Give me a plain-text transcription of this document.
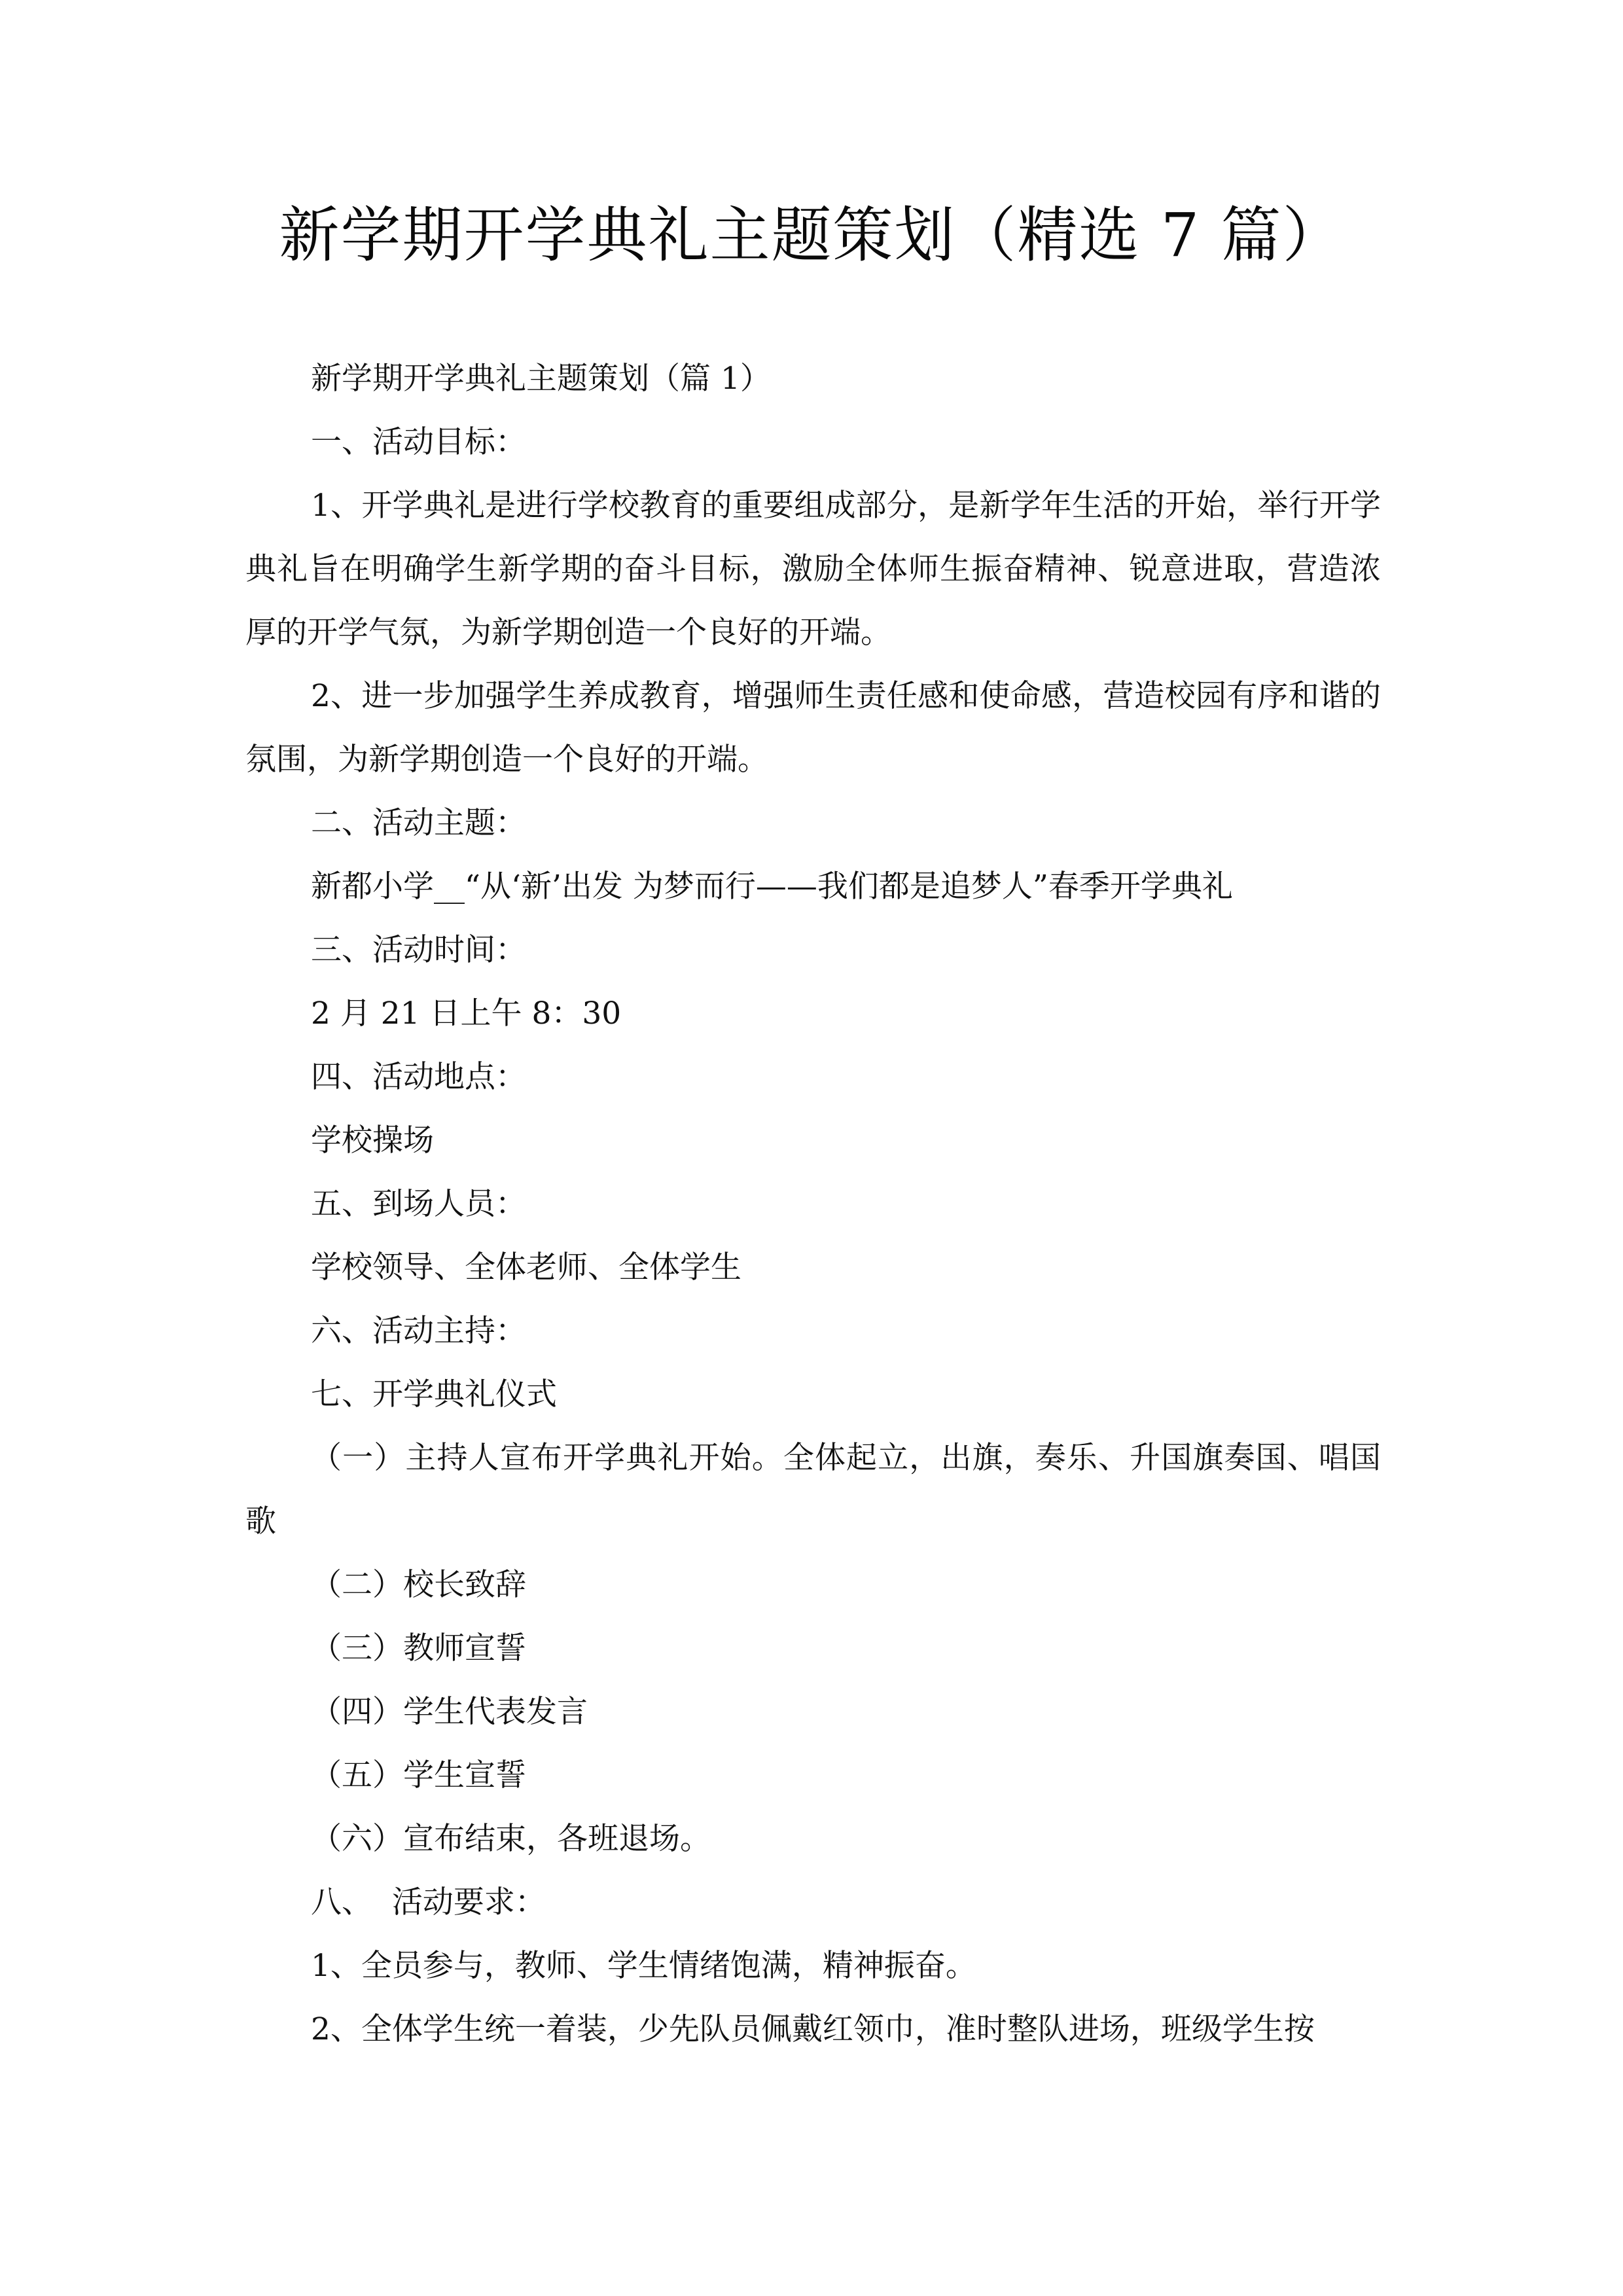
新学期开学典礼主题策划（精选 7 篇）

新学期开学典礼主题策划（篇 1）

一、活动目标：

1、开学典礼是进行学校教育的重要组成部分，是新学年生活的开始，举行开学典礼旨在明确学生新学期的奋斗目标，激励全体师生振奋精神、锐意进取，营造浓厚的开学气氛，为新学期创造一个良好的开端。

2、进一步加强学生养成教育，增强师生责任感和使命感，营造校园有序和谐的氛围，为新学期创造一个良好的开端。

二、活动主题：

新都小学__“从‘新’出发 为梦而行——我们都是追梦人”春季开学典礼

三、活动时间：

2 月 21 日上午 8：30

四、活动地点：

学校操场

五、到场人员：

学校领导、全体老师、全体学生

六、活动主持：

七、开学典礼仪式

（一）主持人宣布开学典礼开始。全体起立，出旗，奏乐、升国旗奏国、唱国歌

（二）校长致辞

（三）教师宣誓

（四）学生代表发言

（五）学生宣誓

（六）宣布结束，各班退场。

八、  活动要求：

1、全员参与，教师、学生情绪饱满，精神振奋。

2、全体学生统一着装，少先队员佩戴红领巾，准时整队进场，班级学生按
